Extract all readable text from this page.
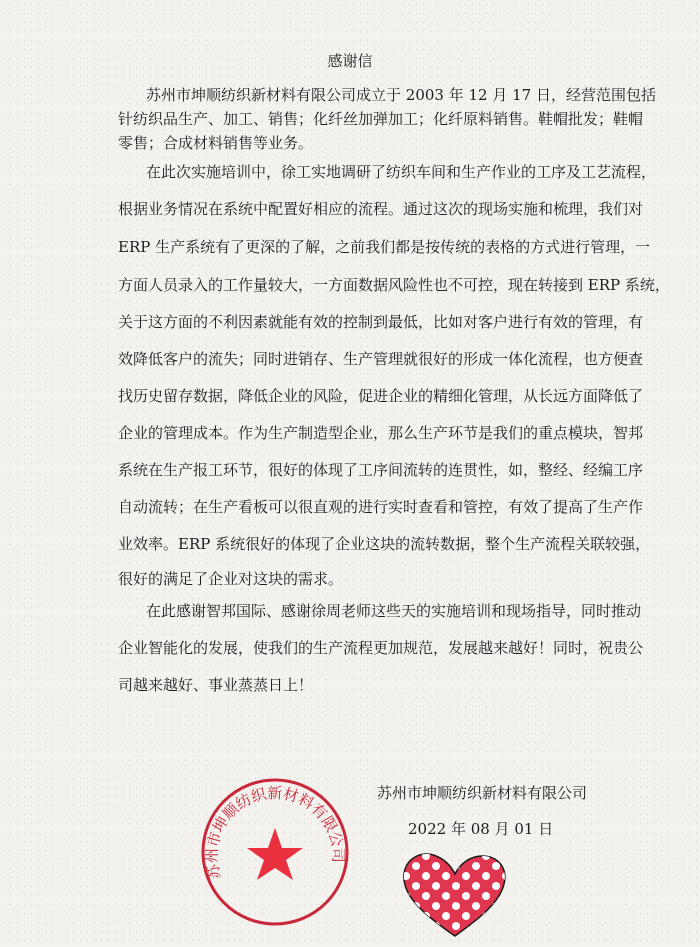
感谢信
苏州市坤顺纺织新材料有限公司成立于 2003 年 12 月 17 日，经营范围包括
针纺织品生产、加工、销售；化纤丝加弹加工；化纤原料销售。鞋帽批发；鞋帽
零售；合成材料销售等业务。
在此次实施培训中，徐工实地调研了纺织车间和生产作业的工序及工艺流程，
根据业务情况在系统中配置好相应的流程。通过这次的现场实施和梳理，我们对
ERP 生产系统有了更深的了解，之前我们都是按传统的表格的方式进行管理，一
方面人员录入的工作量较大，一方面数据风险性也不可控，现在转接到 ERP 系统，
关于这方面的不利因素就能有效的控制到最低，比如对客户进行有效的管理，有
效降低客户的流失；同时进销存、生产管理就很好的形成一体化流程，也方便查
找历史留存数据，降低企业的风险，促进企业的精细化管理，从长远方面降低了
企业的管理成本。作为生产制造型企业，那么生产环节是我们的重点模块，智邦
系统在生产报工环节，很好的体现了工序间流转的连贯性，如，整经、经编工序
自动流转；在生产看板可以很直观的进行实时查看和管控，有效了提高了生产作
业效率。ERP 系统很好的体现了企业这块的流转数据，整个生产流程关联较强，
很好的满足了企业对这块的需求。
在此感谢智邦国际、感谢徐周老师这些天的实施培训和现场指导，同时推动
企业智能化的发展，使我们的生产流程更加规范，发展越来越好！同时，祝贵公
司越来越好、事业蒸蒸日上！
苏州市坤顺纺织新材料有限公司
苏州市坤顺纺织新材料有限公司
2022 年 08 月 01 日
